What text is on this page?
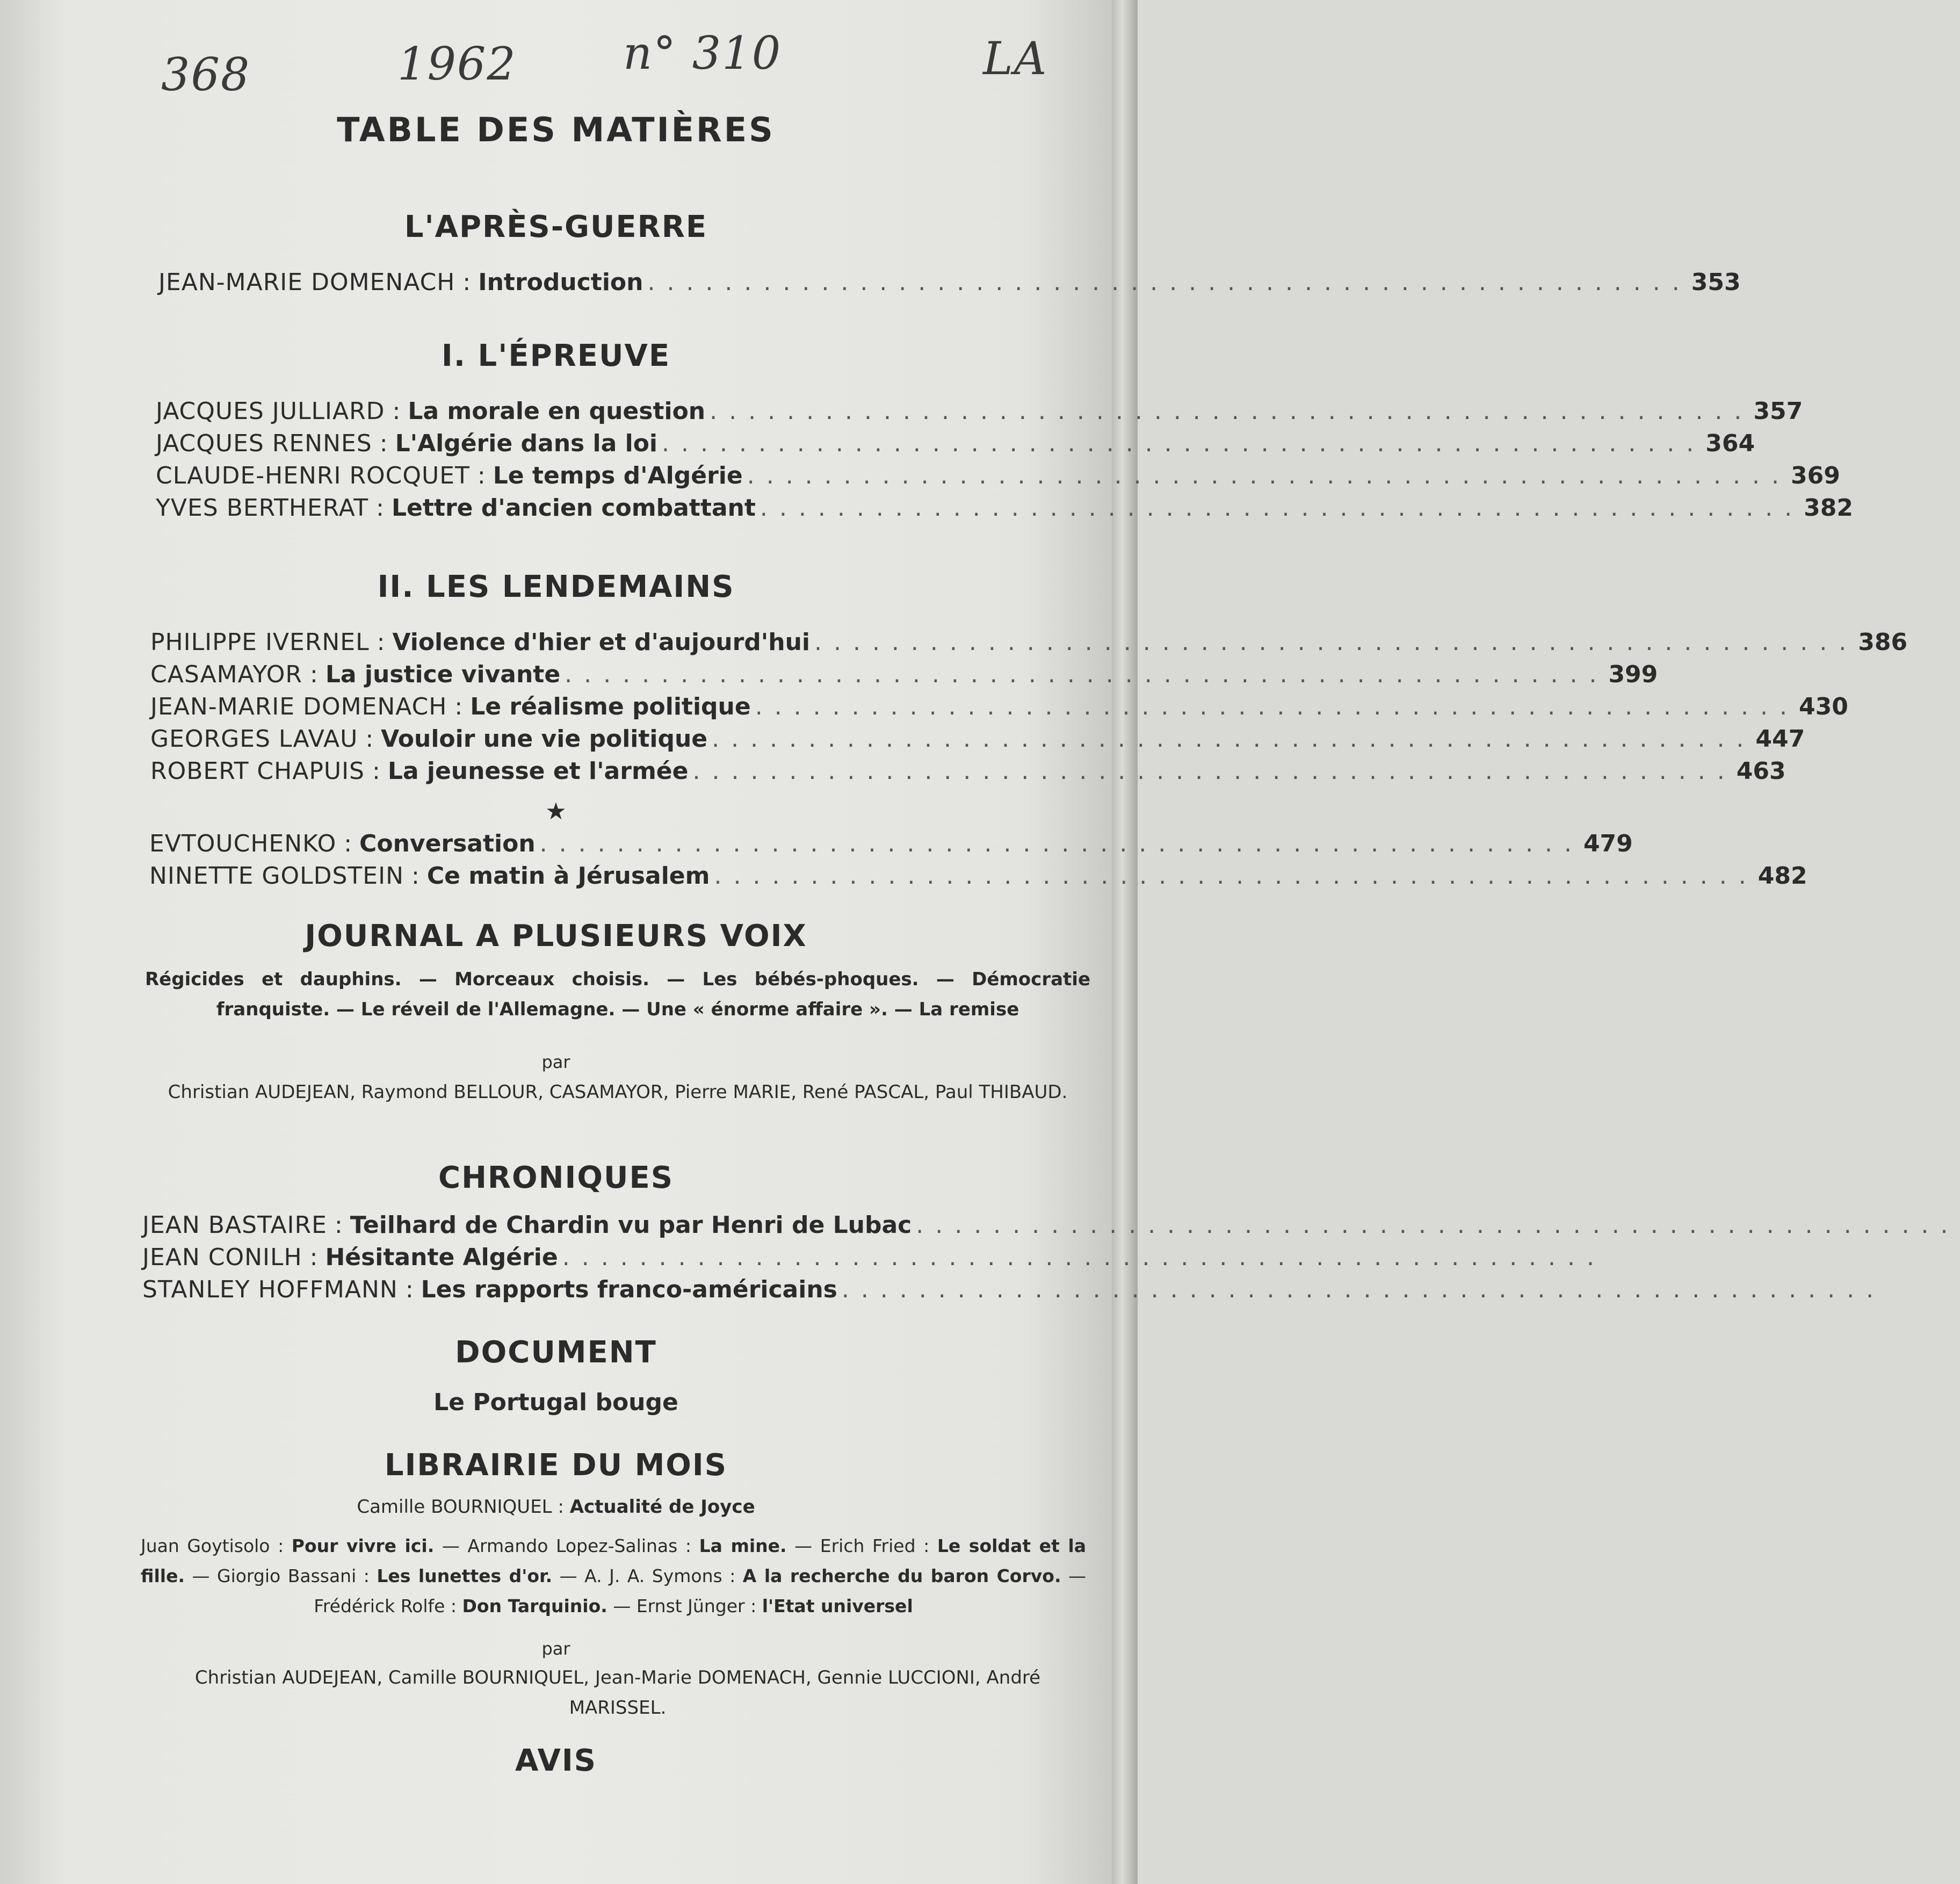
368	1962 n° 310	LA
TABLE DES MATIÈRES
L'APRÈS-GUERRE
JEAN-MARIE DOMENACH : Introduction ...................................................... 353
I. L'ÉPREUVE
JACQUES JULLIARD : La morale en question ...................................................... 357
JACQUES RENNES : L'Algérie dans la loi ...................................................... 364
CLAUDE-HENRI ROCQUET : Le temps d'Algérie ...................................................... 369
YVES BERTHERAT : Lettre d'ancien combattant ...................................................... 382
II. LES LENDEMAINS
PHILIPPE IVERNEL : Violence d'hier et d'aujourd'hui ...................................................... 386
CASAMAYOR : La justice vivante ...................................................... 399
JEAN-MARIE DOMENACH : Le réalisme politique ...................................................... 430
GEORGES LAVAU : Vouloir une vie politique ...................................................... 447
ROBERT CHAPUIS : La jeunesse et l'armée ...................................................... 463
★
EVTOUCHENKO : Conversation ...................................................... 479
NINETTE GOLDSTEIN : Ce matin à Jérusalem ...................................................... 482
JOURNAL A PLUSIEURS VOIX
Régicides et dauphins. — Morceaux choisis. — Les bébés-phoques. — Démocratie franquiste. — Le réveil de l'Allemagne. — Une « énorme affaire ». — La remise
par
Christian AUDEJEAN, Raymond BELLOUR, CASAMAYOR, Pierre MARIE, René PASCAL, Paul THIBAUD.
CHRONIQUES
JEAN BASTAIRE : Teilhard de Chardin vu par Henri de Lubac ......................................................
JEAN CONILH : Hésitante Algérie ......................................................
STANLEY HOFFMANN : Les rapports franco-américains ......................................................
DOCUMENT
Le Portugal bouge
LIBRAIRIE DU MOIS
Camille BOURNIQUEL : Actualité de Joyce
Juan Goytisolo : Pour vivre ici. — Armando Lopez-Salinas : La mine. — Erich Fried : Le soldat et la fille. — Giorgio Bassani : Les lunettes d'or. — A. J. A. Symons : A la recherche du baron Corvo. — Frédérick Rolfe : Don Tarquinio. — Ernst Jünger : l'Etat universel
par
Christian AUDEJEAN, Camille BOURNIQUEL, Jean-Marie DOMENACH, Gennie LUCCIONI, André MARISSEL.
AVIS
